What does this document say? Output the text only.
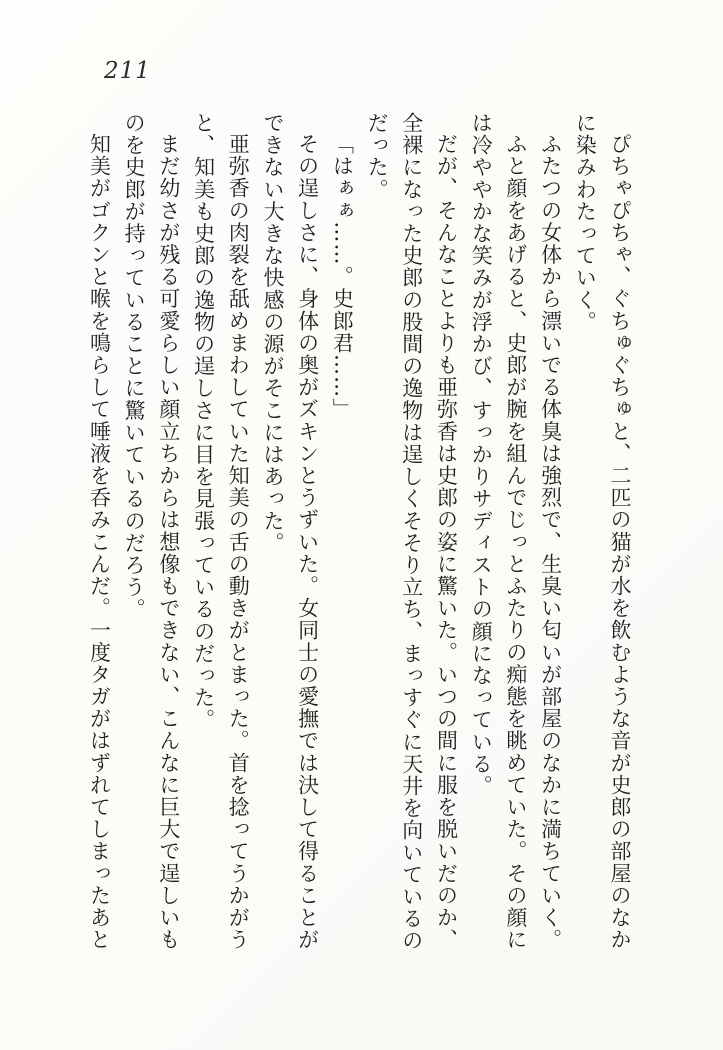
211

ぴちゃぴちゃ、ぐちゅぐちゅと、二匹の猫が水を飲むような音が史郎の部屋のなかに染みわたっていく。

ふたつの女体から漂いでる体臭は強烈で、生臭い匂いが部屋のなかに満ちていく。

ふと顔をあげると、史郎が腕を組んでじっとふたりの痴態を眺めていた。その顔には冷ややかな笑みが浮かび、すっかりサディストの顔になっている。

だが、そんなことよりも亜弥香は史郎の姿に驚いた。いつの間に服を脱いだのか、全裸になった史郎の股間の逸物は逞しくそそり立ち、まっすぐに天井を向いているのだった。

「はぁぁ……。史郎君……」

その逞しさに、身体の奥がズキンとうずいた。女同士の愛撫では決して得ることができない大きな快感の源がそこにはあった。

亜弥香の肉裂を舐めまわしていた知美の舌の動きがとまった。首を捻ってうかがうと、知美も史郎の逸物の逞しさに目を見張っているのだった。

まだ幼さが残る可愛らしい顔立ちからは想像もできない、こんなに巨大で逞しいものを史郎が持っていることに驚いているのだろう。

知美がゴクンと喉を鳴らして唾液を呑みこんだ。一度タガがはずれてしまったあと
